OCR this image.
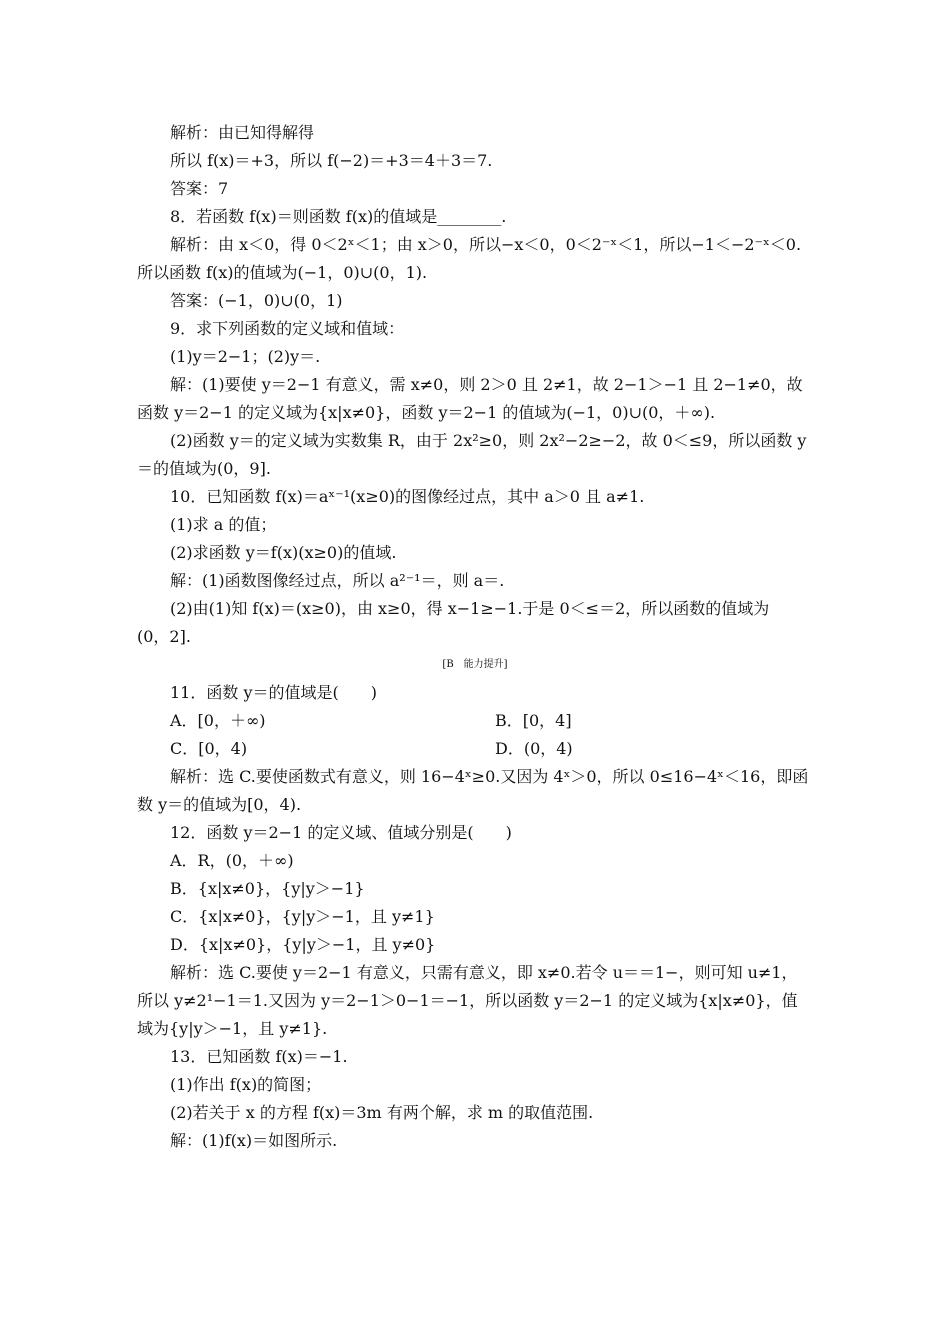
解析：由已知得解得
所以 f(x)＝+3，所以 f(−2)＝+3＝4＋3＝7.
答案：7
8．若函数 f(x)＝则函数 f(x)的值域是________.
解析：由 x＜0，得 0＜2ˣ＜1；由 x＞0，所以−x＜0，0＜2⁻ˣ＜1，所以−1＜−2⁻ˣ＜0.
所以函数 f(x)的值域为(−1，0)∪(0，1).
答案：(−1，0)∪(0，1)
9．求下列函数的定义域和值域：
(1)y＝2−1；(2)y＝.
解：(1)要使 y＝2−1 有意义，需 x≠0，则 2＞0 且 2≠1，故 2−1＞−1 且 2−1≠0，故
函数 y＝2−1 的定义域为{x|x≠0}，函数 y＝2−1 的值域为(−1，0)∪(0，＋∞).
(2)函数 y＝的定义域为实数集 R，由于 2x²≥0，则 2x²−2≥−2，故 0＜≤9，所以函数 y
＝的值域为(0，9].
10．已知函数 f(x)＝aˣ⁻¹(x≥0)的图像经过点，其中 a＞0 且 a≠1.
(1)求 a 的值；
(2)求函数 y＝f(x)(x≥0)的值域.
解：(1)函数图像经过点，所以 a²⁻¹＝，则 a＝.
(2)由(1)知 f(x)＝(x≥0)，由 x≥0，得 x−1≥−1.于是 0＜≤＝2，所以函数的值域为
(0，2].
[B　能力提升]
11．函数 y＝的值域是(　　)
A．[0，＋∞)	B．[0，4]
C．[0，4)	D．(0，4)
解析：选 C.要使函数式有意义，则 16−4ˣ≥0.又因为 4ˣ＞0，所以 0≤16−4ˣ＜16，即函
数 y＝的值域为[0，4).
12．函数 y＝2−1 的定义域、值域分别是(　　)
A．R，(0，＋∞)
B．{x|x≠0}，{y|y＞−1}
C．{x|x≠0}，{y|y＞−1，且 y≠1}
D．{x|x≠0}，{y|y＞−1，且 y≠0}
解析：选 C.要使 y＝2−1 有意义，只需有意义，即 x≠0.若令 u＝＝1−，则可知 u≠1，
所以 y≠2¹−1＝1.又因为 y＝2−1＞0−1＝−1，所以函数 y＝2−1 的定义域为{x|x≠0}，值
域为{y|y＞−1，且 y≠1}.
13．已知函数 f(x)＝−1.
(1)作出 f(x)的简图；
(2)若关于 x 的方程 f(x)＝3m 有两个解，求 m 的取值范围.
解：(1)f(x)＝如图所示.
